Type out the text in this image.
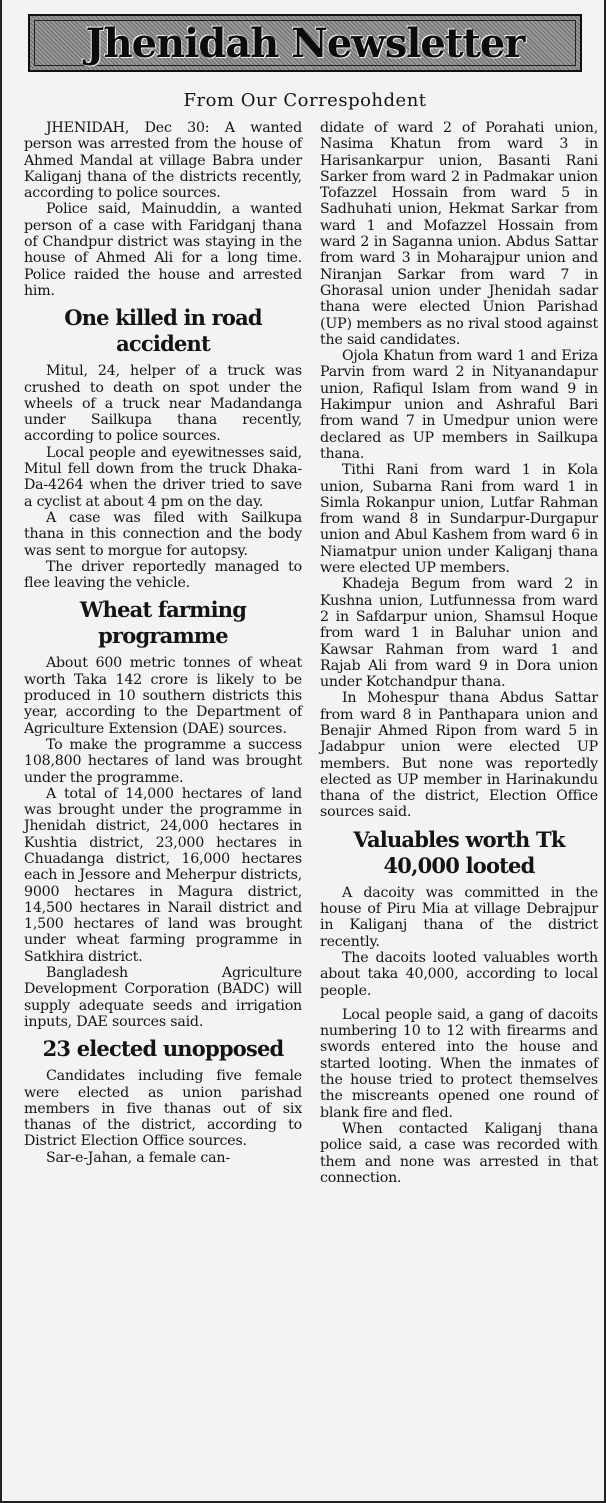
Jhenidah Newsletter
From Our Correspohdent

JHENIDAH, Dec 30: A wanted person was arrested from the house of Ahmed Mandal at village Babra under Kaliganj thana of the districts recently, according to police sources.

Police said, Mainuddin, a wanted person of a case with Faridganj thana of Chandpur district was staying in the house of Ahmed Ali for a long time. Police raided the house and arrested him.

One killed in road accident

Mitul, 24, helper of a truck was crushed to death on spot under the wheels of a truck near Madandanga under Sailkupa thana recently, according to police sources.

Local people and eyewitnesses said, Mitul fell down from the truck Dhaka-Da-4264 when the driver tried to save a cyclist at about 4 pm on the day.

A case was filed with Sailkupa thana in this connection and the body was sent to morgue for autopsy.

The driver reportedly managed to flee leaving the vehicle.

Wheat farming programme

About 600 metric tonnes of wheat worth Taka 142 crore is likely to be produced in 10 southern districts this year, according to the Department of Agriculture Extension (DAE) sources.

To make the programme a success 108,800 hectares of land was brought under the programme.

A total of 14,000 hectares of land was brought under the programme in Jhenidah district, 24,000 hectares in Kushtia district, 23,000 hectares in Chuadanga district, 16,000 hectares each in Jessore and Meherpur districts, 9000 hectares in Magura district, 14,500 hectares in Narail district and 1,500 hectares of land was brought under wheat farming programme in Satkhira district.

Bangladesh Agriculture Development Corporation (BADC) will supply adequate seeds and irrigation inputs, DAE sources said.

23 elected unopposed

Candidates including five female were elected as union parishad members in five thanas out of six thanas of the district, according to District Election Office sources.

Sar-e-Jahan, a female can-

didate of ward 2 of Porahati union, Nasima Khatun from ward 3 in Harisankarpur union, Basanti Rani Sarker from ward 2 in Padmakar union Tofazzel Hossain from ward 5 in Sadhuhati union, Hekmat Sarkar from ward 1 and Mofazzel Hossain from ward 2 in Saganna union. Abdus Sattar from ward 3 in Moharajpur union and Niranjan Sarkar from ward 7 in Ghorasal union under Jhenidah sadar thana were elected Union Parishad (UP) members as no rival stood against the said candidates.

Ojola Khatun from ward 1 and Eriza Parvin from ward 2 in Nityanandapur union, Rafiqul Islam from wand 9 in Hakimpur union and Ashraful Bari from wand 7 in Umedpur union were declared as UP members in Sailkupa thana.

Tithi Rani from ward 1 in Kola union, Subarna Rani from ward 1 in Simla Rokanpur union, Lutfar Rahman from wand 8 in Sundarpur-Durgapur union and Abul Kashem from ward 6 in Niamatpur union under Kaliganj thana were elected UP members.

Khadeja Begum from ward 2 in Kushna union, Lutfunnessa from ward 2 in Safdarpur union, Shamsul Hoque from ward 1 in Baluhar union and Kawsar Rahman from ward 1 and Rajab Ali from ward 9 in Dora union under Kotchandpur thana.

In Mohespur thana Abdus Sattar from ward 8 in Panthapara union and Benajir Ahmed Ripon from ward 5 in Jadabpur union were elected UP members. But none was reportedly elected as UP member in Harinakundu thana of the district, Election Office sources said.

Valuables worth Tk 40,000 looted

A dacoity was committed in the house of Piru Mia at village Debrajpur in Kaliganj thana of the district recently.

The dacoits looted valuables worth about taka 40,000, according to local people.

Local people said, a gang of dacoits numbering 10 to 12 with firearms and swords entered into the house and started looting. When the inmates of the house tried to protect themselves the miscreants opened one round of blank fire and fled.

When contacted Kaliganj thana police said, a case was recorded with them and none was arrested in that connection.
